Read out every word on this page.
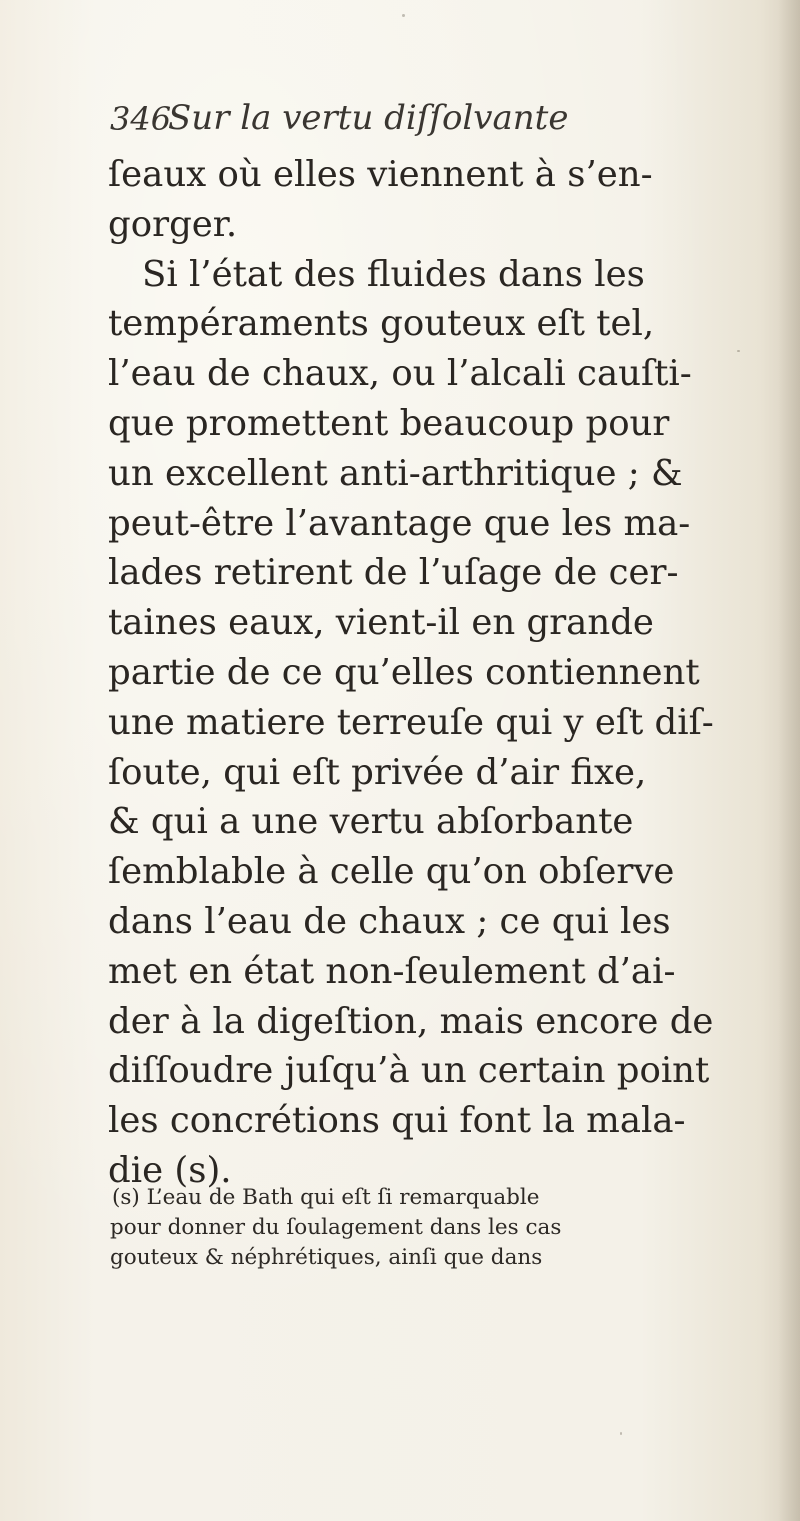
346
Sur la vertu diſſolvante
ſeaux où elles viennent à s’en-
gorger.
Si l’état des fluides dans les
tempéraments gouteux eſt tel,
l’eau de chaux, ou l’alcali cauſti-
que promettent beaucoup pour
un excellent anti-arthritique ; &
peut-être l’avantage que les ma-
lades retirent de l’uſage de cer-
taines eaux, vient-il en grande
partie de ce qu’elles contiennent
une matiere terreuſe qui y eſt diſ-
ſoute, qui eſt privée d’air fixe,
& qui a une vertu abſorbante
ſemblable à celle qu’on obſerve
dans l’eau de chaux ; ce qui les
met en état non-ſeulement d’ai-
der à la digeſtion, mais encore de
diſſoudre juſqu’à un certain point
les concrétions qui font la mala-
die (s).
(s) L’eau de Bath qui eſt ſi remarquable
pour donner du ſoulagement dans les cas
gouteux & néphrétiques, ainſi que dans
